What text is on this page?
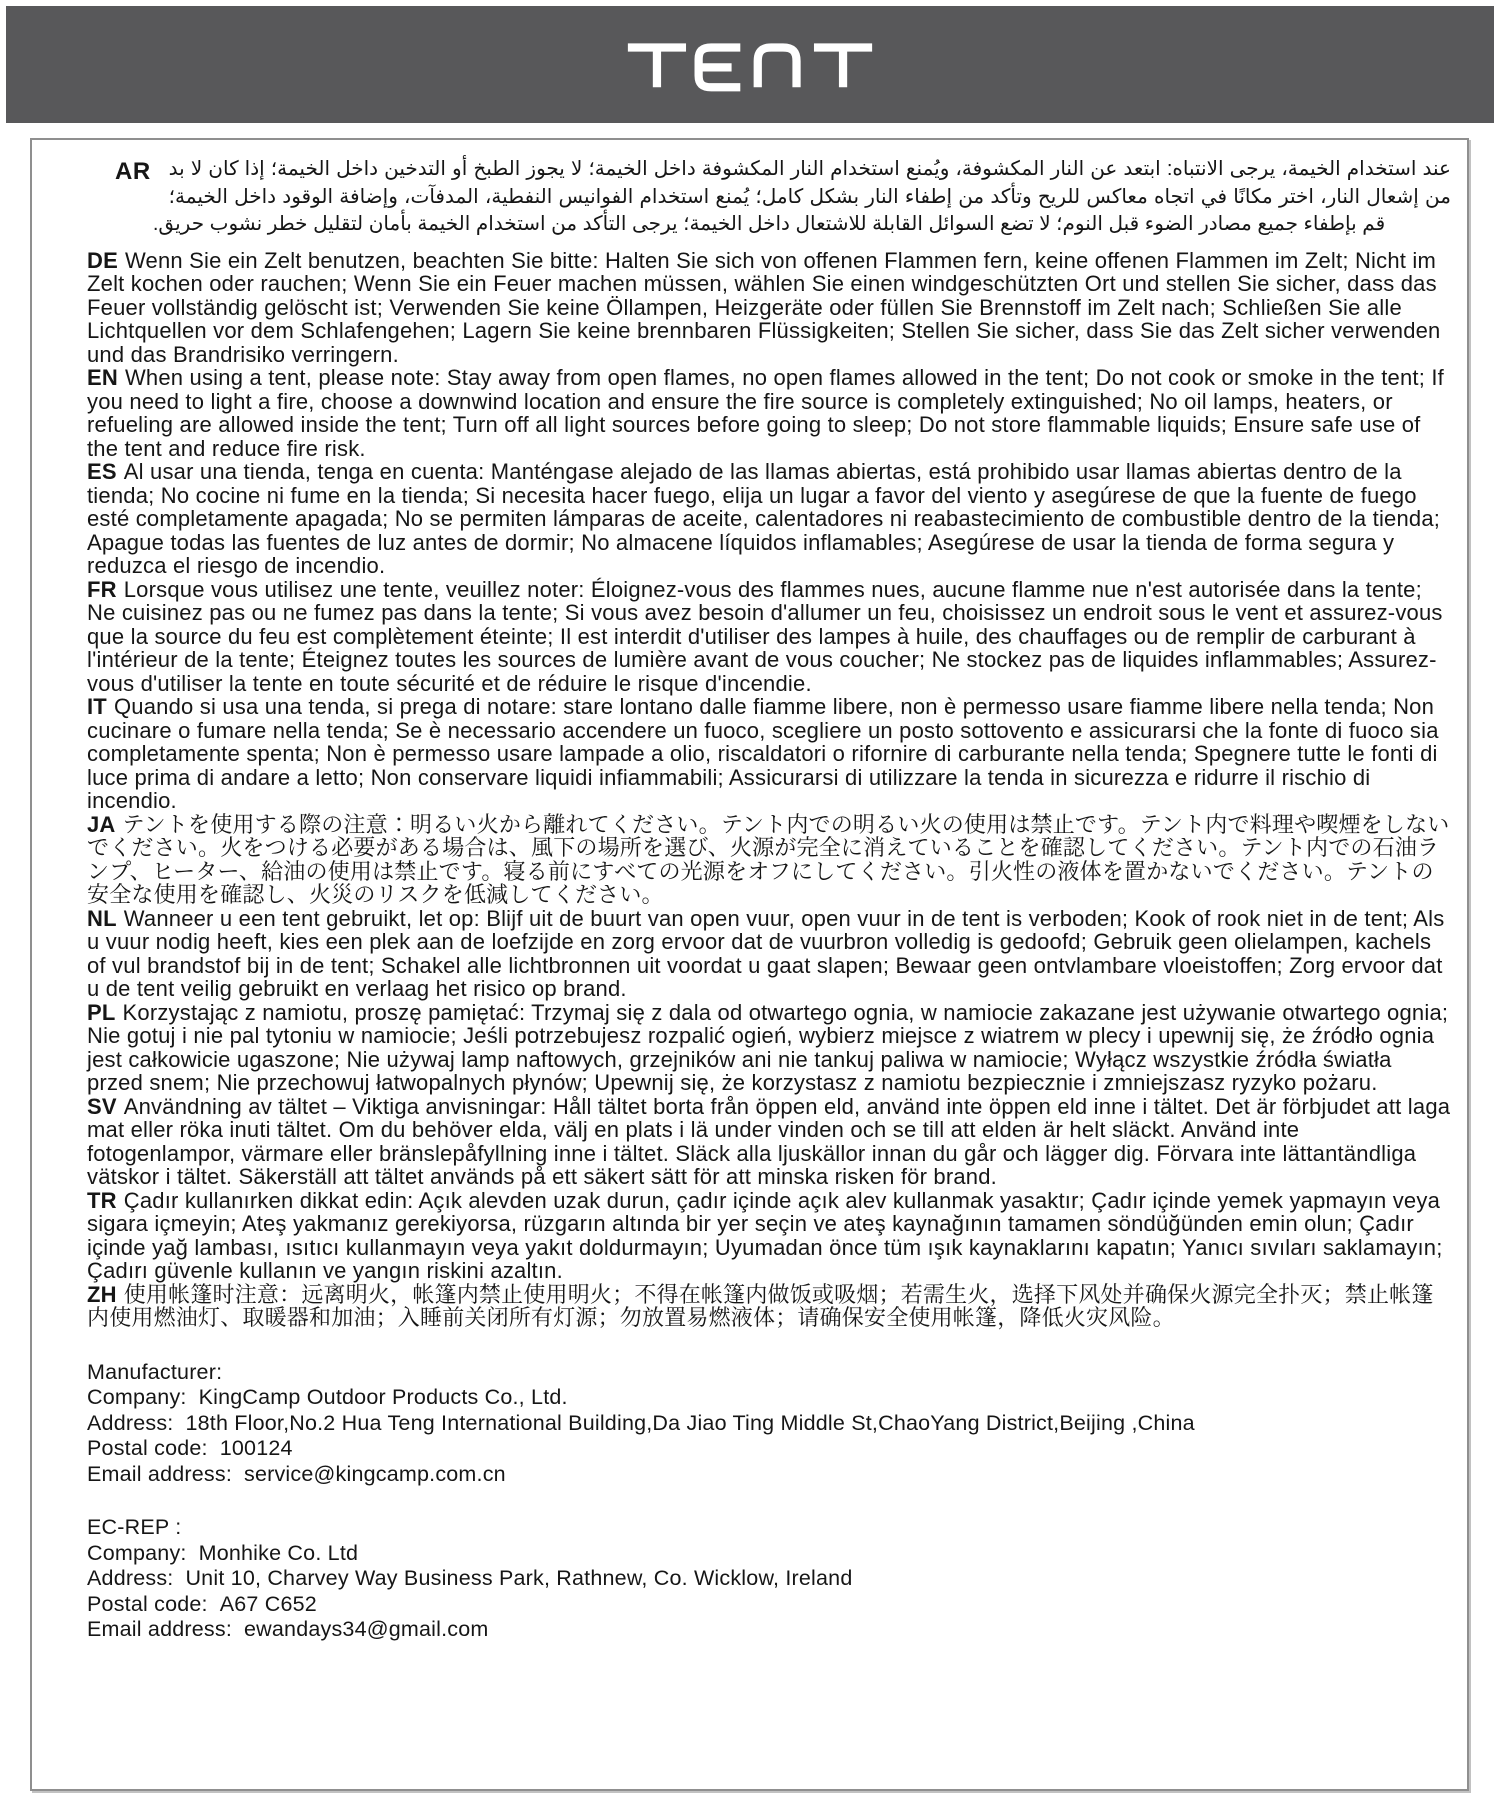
AR عند استخدام الخيمة، يرجى الانتباه: ابتعد عن النار المكشوفة، ويُمنع استخدام النار المكشوفة داخل الخيمة؛ لا يجوز الطبخ أو التدخين داخل الخيمة؛ إذا كان لا بد من إشعال النار، اختر مكانًا في اتجاه معاكس للريح وتأكد من إطفاء النار بشكل كامل؛ يُمنع استخدام الفوانيس النفطية، المدفآت، وإضافة الوقود داخل الخيمة؛ قم بإطفاء جميع مصادر الضوء قبل النوم؛ لا تضع السوائل القابلة للاشتعال داخل الخيمة؛ يرجى التأكد من استخدام الخيمة بأمان لتقليل خطر نشوب حريق.

DE Wenn Sie ein Zelt benutzen, beachten Sie bitte: Halten Sie sich von offenen Flammen fern, keine offenen Flammen im Zelt; Nicht im Zelt kochen oder rauchen; Wenn Sie ein Feuer machen müssen, wählen Sie einen windgeschützten Ort und stellen Sie sicher, dass das Feuer vollständig gelöscht ist; Verwenden Sie keine Öllampen, Heizgeräte oder füllen Sie Brennstoff im Zelt nach; Schließen Sie alle Lichtquellen vor dem Schlafengehen; Lagern Sie keine brennbaren Flüssigkeiten; Stellen Sie sicher, dass Sie das Zelt sicher verwenden und das Brandrisiko verringern.

EN When using a tent, please note: Stay away from open flames, no open flames allowed in the tent; Do not cook or smoke in the tent; If you need to light a fire, choose a downwind location and ensure the fire source is completely extinguished; No oil lamps, heaters, or refueling are allowed inside the tent; Turn off all light sources before going to sleep; Do not store flammable liquids; Ensure safe use of the tent and reduce fire risk.

ES Al usar una tienda, tenga en cuenta: Manténgase alejado de las llamas abiertas, está prohibido usar llamas abiertas dentro de la tienda; No cocine ni fume en la tienda; Si necesita hacer fuego, elija un lugar a favor del viento y asegúrese de que la fuente de fuego esté completamente apagada; No se permiten lámparas de aceite, calentadores ni reabastecimiento de combustible dentro de la tienda; Apague todas las fuentes de luz antes de dormir; No almacene líquidos inflamables; Asegúrese de usar la tienda de forma segura y reduzca el riesgo de incendio.

FR Lorsque vous utilisez une tente, veuillez noter: Éloignez-vous des flammes nues, aucune flamme nue n'est autorisée dans la tente; Ne cuisinez pas ou ne fumez pas dans la tente; Si vous avez besoin d'allumer un feu, choisissez un endroit sous le vent et assurez-vous que la source du feu est complètement éteinte; Il est interdit d'utiliser des lampes à huile, des chauffages ou de remplir de carburant à l'intérieur de la tente; Éteignez toutes les sources de lumière avant de vous coucher; Ne stockez pas de liquides inflammables; Assurez-vous d'utiliser la tente en toute sécurité et de réduire le risque d'incendie.

IT Quando si usa una tenda, si prega di notare: stare lontano dalle fiamme libere, non è permesso usare fiamme libere nella tenda; Non cucinare o fumare nella tenda; Se è necessario accendere un fuoco, scegliere un posto sottovento e assicurarsi che la fonte di fuoco sia completamente spenta; Non è permesso usare lampade a olio, riscaldatori o rifornire di carburante nella tenda; Spegnere tutte le fonti di luce prima di andare a letto; Non conservare liquidi infiammabili; Assicurarsi di utilizzare la tenda in sicurezza e ridurre il rischio di incendio.

JA テントを使用する際の注意：明るい火から離れてください。テント内での明るい火の使用は禁止です。テント内で料理や喫煙をしないでください。火をつける必要がある場合は、風下の場所を選び、火源が完全に消えていることを確認してください。テント内での石油ランプ、ヒーター、給油の使用は禁止です。寝る前にすべての光源をオフにしてください。引火性の液体を置かないでください。テントの安全な使用を確認し、火災のリスクを低減してください。

NL Wanneer u een tent gebruikt, let op: Blijf uit de buurt van open vuur, open vuur in de tent is verboden; Kook of rook niet in de tent; Als u vuur nodig heeft, kies een plek aan de loefzijde en zorg ervoor dat de vuurbron volledig is gedoofd; Gebruik geen olielampen, kachels of vul brandstof bij in de tent; Schakel alle lichtbronnen uit voordat u gaat slapen; Bewaar geen ontvlambare vloeistoffen; Zorg ervoor dat u de tent veilig gebruikt en verlaag het risico op brand.

PL Korzystając z namiotu, proszę pamiętać: Trzymaj się z dala od otwartego ognia, w namiocie zakazane jest używanie otwartego ognia; Nie gotuj i nie pal tytoniu w namiocie; Jeśli potrzebujesz rozpalić ogień, wybierz miejsce z wiatrem w plecy i upewnij się, że źródło ognia jest całkowicie ugaszone; Nie używaj lamp naftowych, grzejników ani nie tankuj paliwa w namiocie; Wyłącz wszystkie źródła światła przed snem; Nie przechowuj łatwopalnych płynów; Upewnij się, że korzystasz z namiotu bezpiecznie i zmniejszasz ryzyko pożaru.

SV Användning av tältet – Viktiga anvisningar: Håll tältet borta från öppen eld, använd inte öppen eld inne i tältet. Det är förbjudet att laga mat eller röka inuti tältet. Om du behöver elda, välj en plats i lä under vinden och se till att elden är helt släckt. Använd inte fotogenlampor, värmare eller bränslepåfyllning inne i tältet. Släck alla ljuskällor innan du går och lägger dig. Förvara inte lättantändliga vätskor i tältet. Säkerställ att tältet används på ett säkert sätt för att minska risken för brand.

TR Çadır kullanırken dikkat edin: Açık alevden uzak durun, çadır içinde açık alev kullanmak yasaktır; Çadır içinde yemek yapmayın veya sigara içmeyin; Ateş yakmanız gerekiyorsa, rüzgarın altında bir yer seçin ve ateş kaynağının tamamen söndüğünden emin olun; Çadır içinde yağ lambası, ısıtıcı kullanmayın veya yakıt doldurmayın; Uyumadan önce tüm ışık kaynaklarını kapatın; Yanıcı sıvıları saklamayın; Çadırı güvenle kullanın ve yangın riskini azaltın.

ZH 使用帐篷时注意：远离明火，帐篷内禁止使用明火；不得在帐篷内做饭或吸烟；若需生火，选择下风处并确保火源完全扑灭；禁止帐篷内使用燃油灯、取暖器和加油；入睡前关闭所有灯源；勿放置易燃液体；请确保安全使用帐篷，降低火灾风险。

Manufacturer:
Company: KingCamp Outdoor Products Co., Ltd.
Address: 18th Floor,No.2 Hua Teng International Building,Da Jiao Ting Middle St,ChaoYang District,Beijing ,China
Postal code: 100124
Email address: service@kingcamp.com.cn
EC-REP :
Company: Monhike Co. Ltd
Address: Unit 10, Charvey Way Business Park, Rathnew, Co. Wicklow, Ireland
Postal code: A67 C652
Email address: ewandays34@gmail.com
